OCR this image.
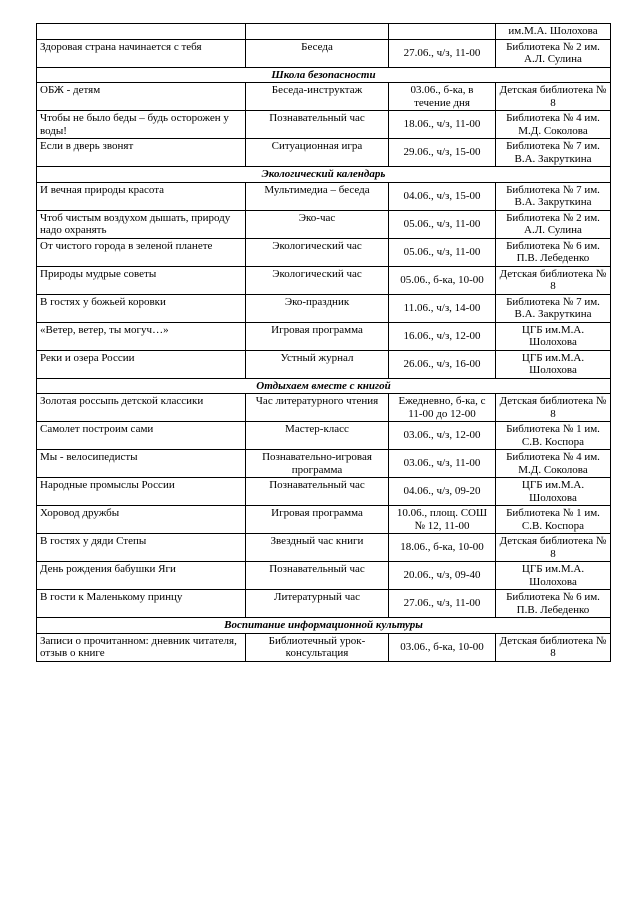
			им.М.А. Шолохова
Здоровая страна начинается с тебя	Беседа	27.06., ч/з, 11-00	Библиотека № 2 им. А.Л. Сулина
Школа безопасности			
ОБЖ - детям	Беседа-инструктаж	03.06., б-ка, в течение дня	Детская библиотека № 8
Чтобы не было беды – будь осторожен у воды!	Познавательный час	18.06., ч/з, 11-00	Библиотека № 4 им. М.Д. Соколова
Если в дверь звонят	Ситуационная игра	29.06., ч/з, 15-00	Библиотека № 7 им. В.А. Закруткина
Экологический календарь			
И вечная природы красота	Мультимедиа – беседа	04.06., ч/з, 15-00	Библиотека № 7 им. В.А. Закруткина
Чтоб чистым воздухом дышать, природу надо охранять	Эко-час	05.06., ч/з, 11-00	Библиотека № 2 им. А.Л. Сулина
От чистого города в зеленой планете	Экологический час	05.06., ч/з, 11-00	Библиотека № 6 им. П.В. Лебеденко
Природы мудрые советы	Экологический час	05.06., б-ка, 10-00	Детская библиотека № 8
В гостях у божьей коровки	Эко-праздник	11.06., ч/з, 14-00	Библиотека № 7 им. В.А. Закруткина
«Ветер, ветер, ты могуч…»	Игровая программа	16.06., ч/з, 12-00	ЦГБ им.М.А. Шолохова
Реки и озера России	Устный журнал	26.06., ч/з, 16-00	ЦГБ им.М.А. Шолохова
Отдыхаем вместе с книгой			
Золотая россыпь детской классики	Час литературного чтения	Ежедневно, б-ка, с 11-00 до 12-00	Детская библиотека № 8
Самолет построим сами	Мастер-класс	03.06., ч/з, 12-00	Библиотека № 1 им. С.В. Коспора
Мы - велосипедисты	Познавательно-игровая программа	03.06., ч/з, 11-00	Библиотека № 4 им. М.Д. Соколова
Народные промыслы России	Познавательный час	04.06., ч/з, 09-20	ЦГБ им.М.А. Шолохова
Хоровод дружбы	Игровая программа	10.06., площ. СОШ № 12, 11-00	Библиотека № 1 им. С.В. Коспора
В гостях у дяди Степы	Звездный час книги	18.06., б-ка, 10-00	Детская библиотека № 8
День рождения бабушки Яги	Познавательный час	20.06., ч/з, 09-40	ЦГБ им.М.А. Шолохова
В гости к Маленькому принцу	Литературный час	27.06., ч/з, 11-00	Библиотека № 6 им. П.В. Лебеденко
Воспитание информационной культуры			
Записи о прочитанном: дневник читателя, отзыв о книге	Библиотечный урок-консультация	03.06., б-ка, 10-00	Детская библиотека № 8
